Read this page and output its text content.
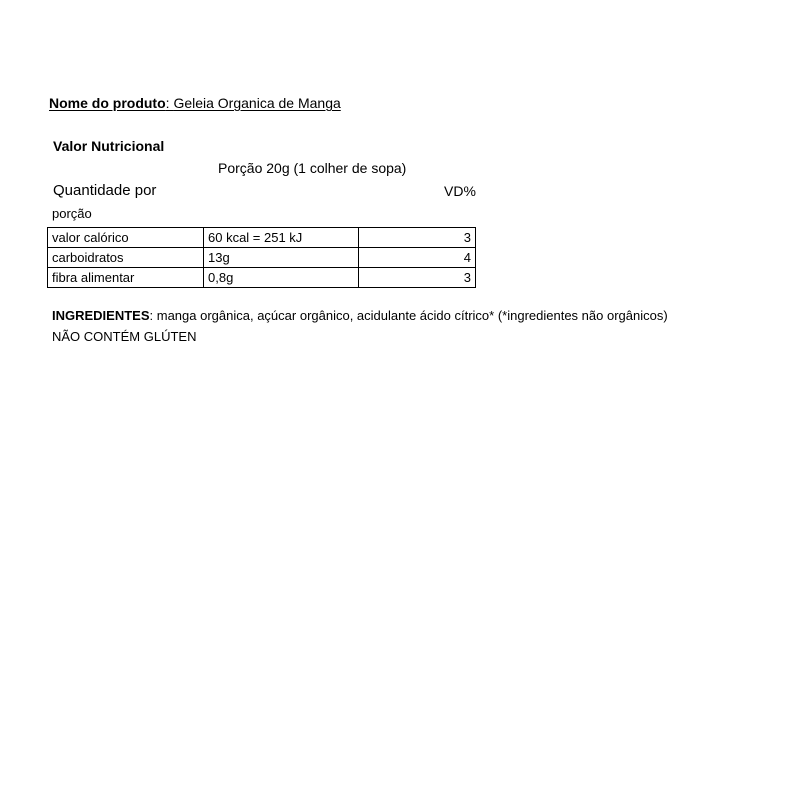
Nome do produto: Geleia Organica de Manga
Valor Nutricional
Porção 20g (1 colher de sopa)
Quantidade por	VD%
porção
valor calórico	60 kcal = 251 kJ	3
carboidratos	13g	4
fibra alimentar	0,8g	3
INGREDIENTES: manga orgânica, açúcar orgânico, acidulante ácido cítrico* (*ingredientes não orgânicos)
NÃO CONTÉM GLÚTEN
